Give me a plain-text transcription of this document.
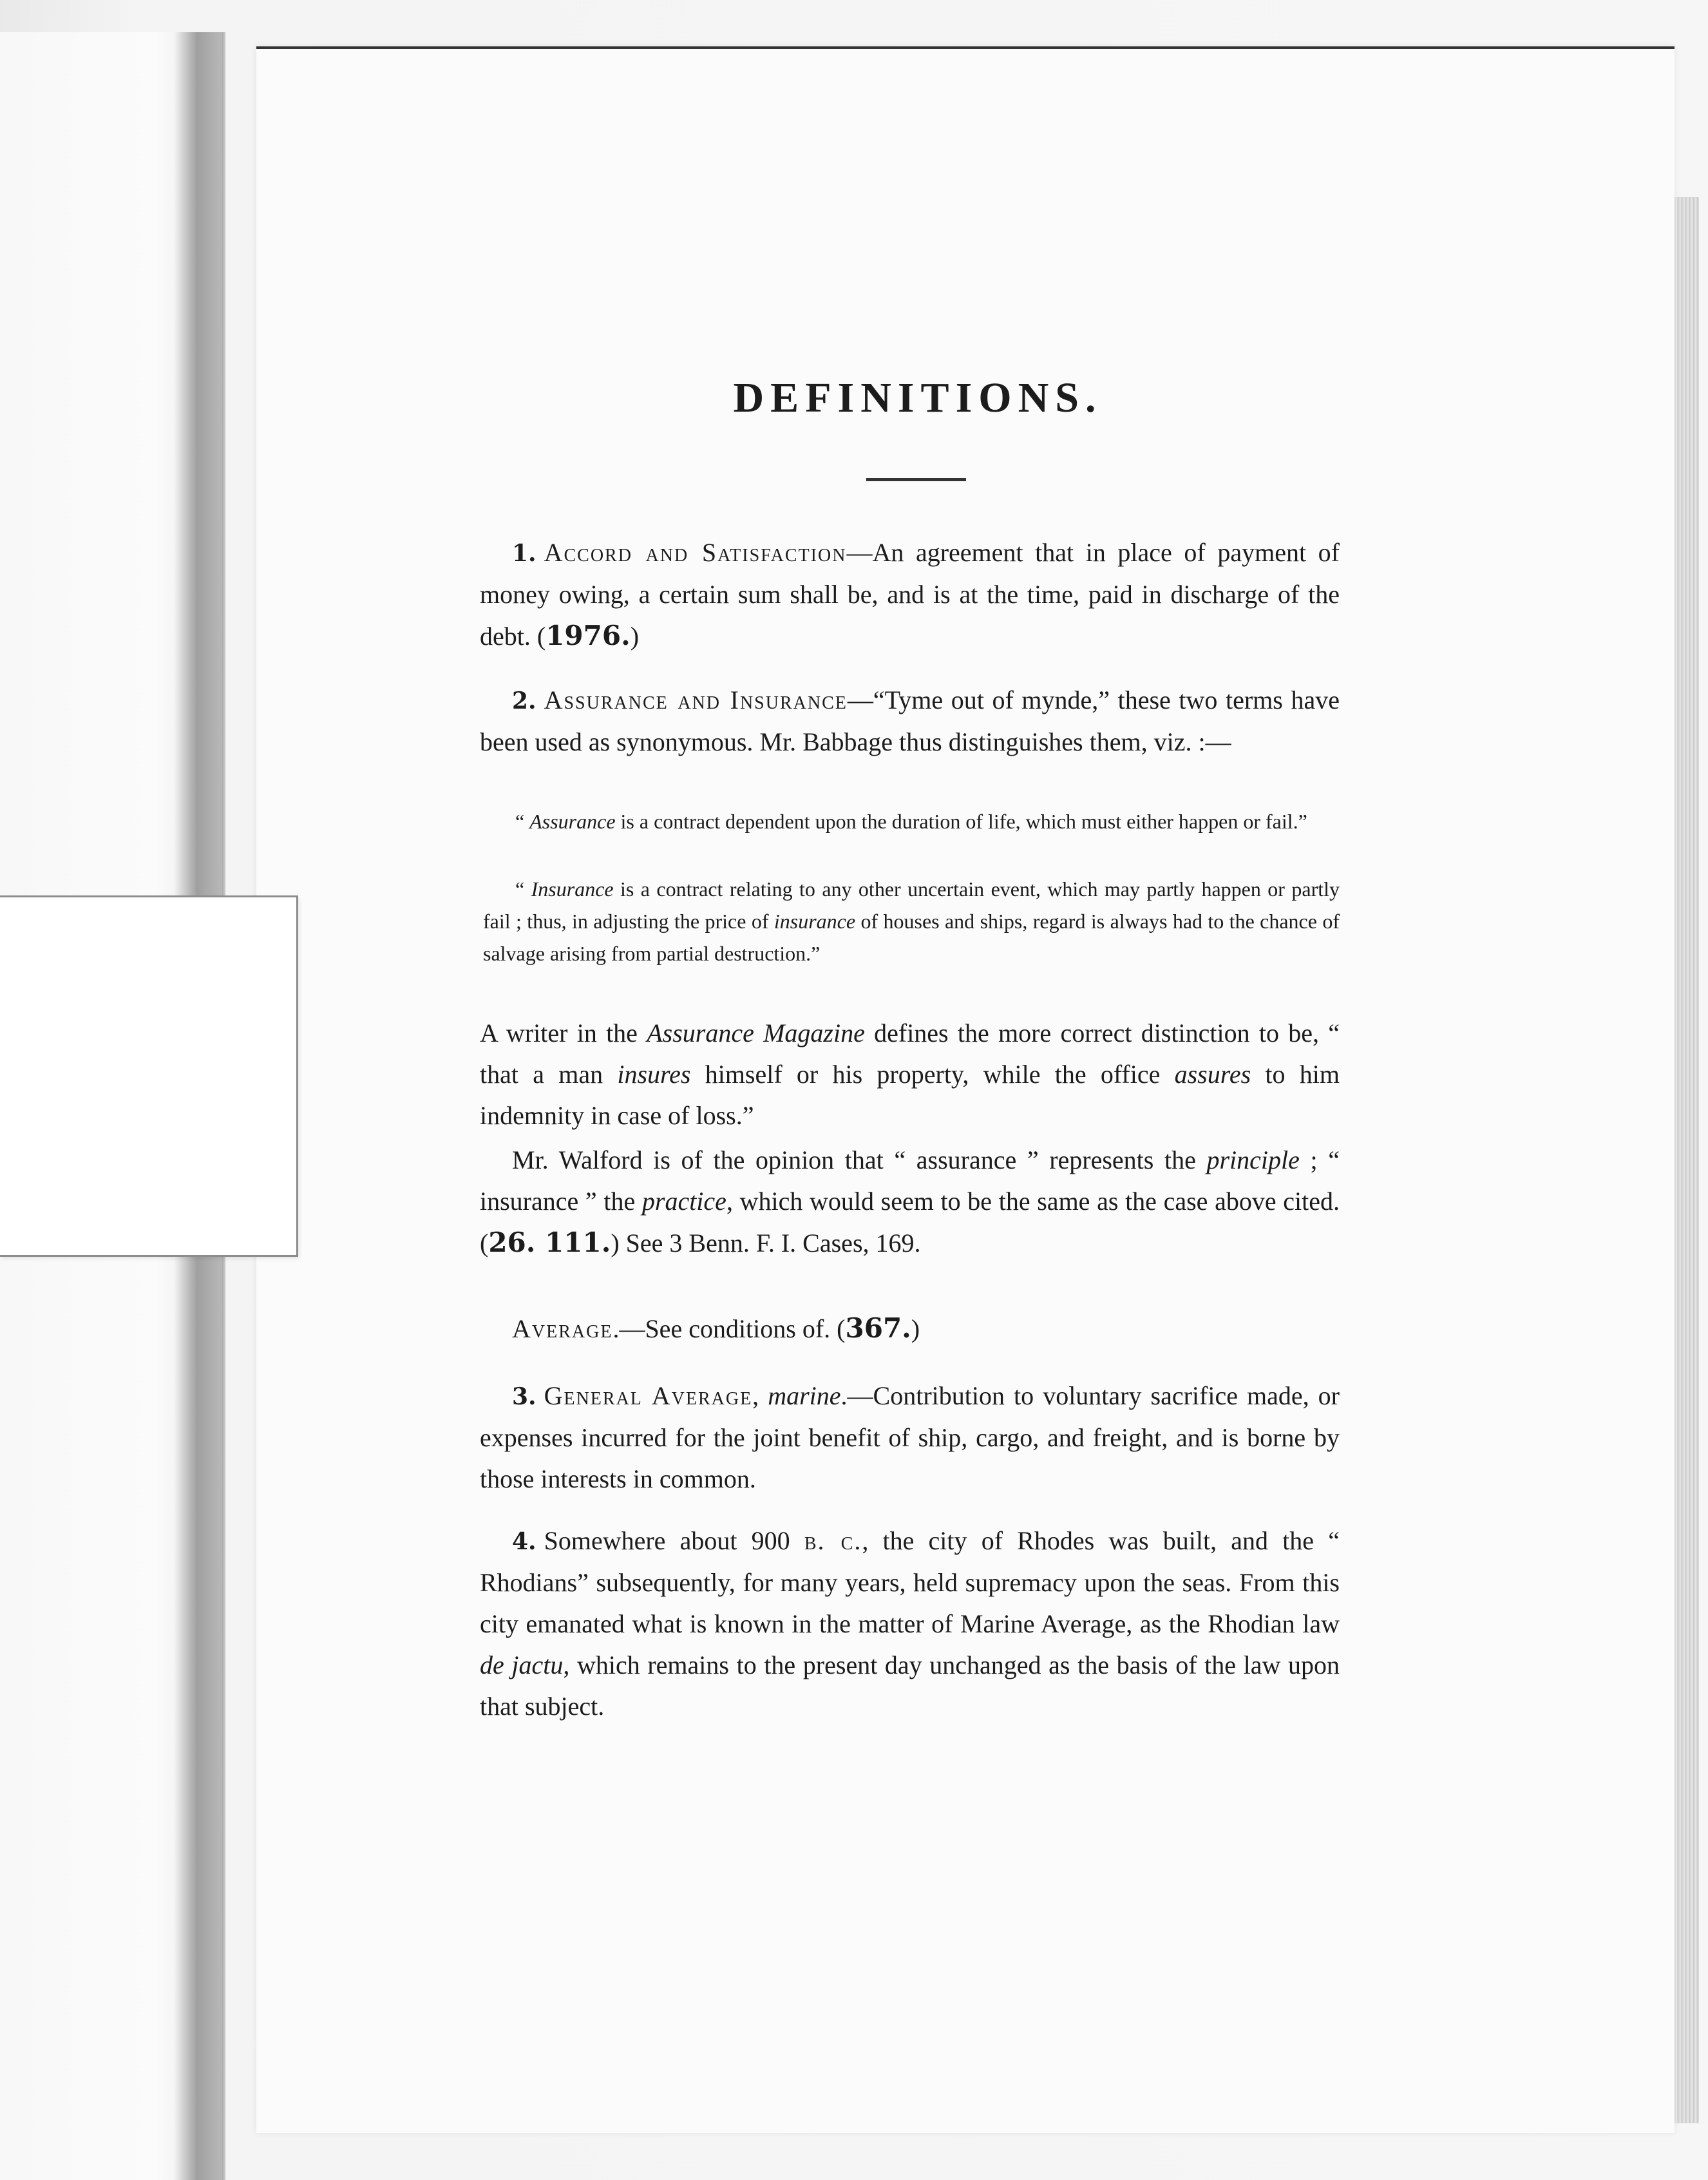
DEFINITIONS.
1. Accord and Satisfaction—An agreement that in place of payment of money owing, a certain sum shall be, and is at the time, paid in discharge of the debt. (1976.)
2. Assurance and Insurance—“Tyme out of mynde,” these two terms have been used as synonymous. Mr. Babbage thus distinguishes them, viz. :—
“ Assurance is a contract dependent upon the duration of life, which must either happen or fail.”
“ Insurance is a contract relating to any other uncertain event, which may partly happen or partly fail ; thus, in adjusting the price of insurance of houses and ships, regard is always had to the chance of salvage arising from partial destruction.”
A writer in the Assurance Magazine defines the more correct distinction to be, “ that a man insures himself or his property, while the office assures to him indemnity in case of loss.”
Mr. Walford is of the opinion that “ assurance ” represents the principle ; “ insurance ” the practice, which would seem to be the same as the case above cited. (26. 111.) See 3 Benn. F. I. Cases, 169.
Average.—See conditions of. (367.)
3. General Average, marine.—Contribution to voluntary sacrifice made, or expenses incurred for the joint benefit of ship, cargo, and freight, and is borne by those interests in common.
4. Somewhere about 900 b. c., the city of Rhodes was built, and the “ Rhodians” subsequently, for many years, held supremacy upon the seas. From this city emanated what is known in the matter of Marine Average, as the Rhodian law de jactu, which remains to the present day unchanged as the basis of the law upon that subject.
